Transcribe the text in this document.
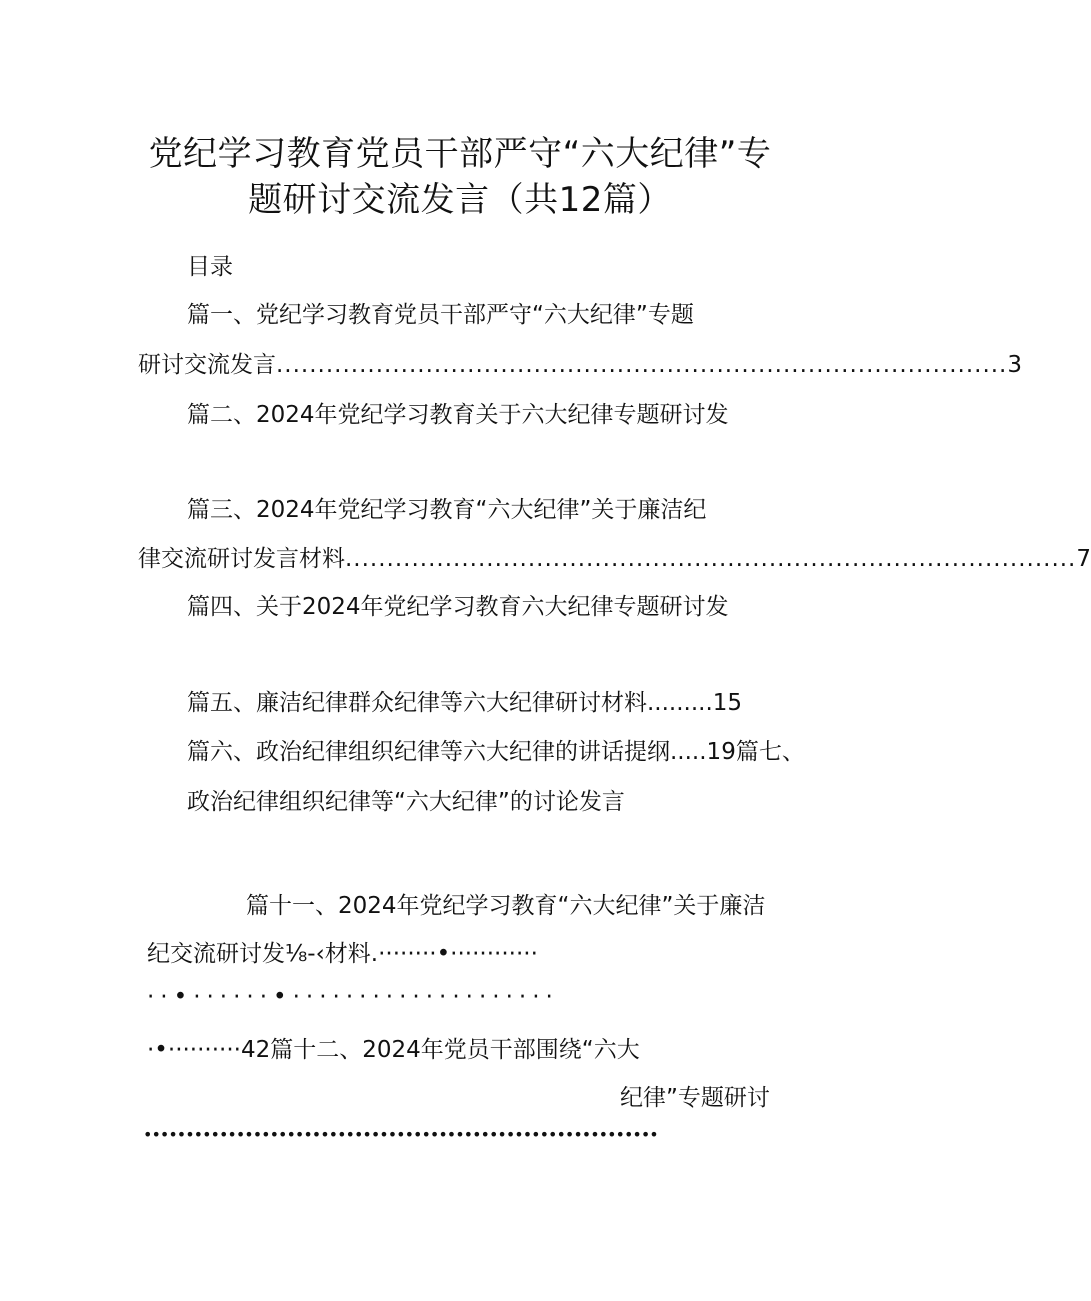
党纪学习教育党员干部严守“六大纪律”专
题研讨交流发言（共12篇）
目录
篇一、党纪学习教育党员干部严守“六大纪律”专题
研讨交流发言 ........................................................................................ 3
篇二、2024年党纪学习教育关于六大纪律专题研讨发
篇三、2024年党纪学习教育“六大纪律”关于廉洁纪
律交流研讨发言材料 ........................................................................................ 7
篇四、关于2024年党纪学习教育六大纪律专题研讨发
篇五、廉洁纪律群众纪律等六大纪律研讨材料.........15
篇六、政治纪律组织纪律等六大纪律的讲话提纲.....19篇七、
政治纪律组织纪律等“六大纪律”的讨论发言
篇十一、2024年党纪学习教育“六大纪律”关于廉洁
纪交流研讨发⅛-‹材料.········•············
··•······•····················
·•··········42篇十二、2024年党员干部围绕“六大
纪律”专题研讨
•••••••••••••••••••••••••••••••••••••••••••••••••••••••••••••
